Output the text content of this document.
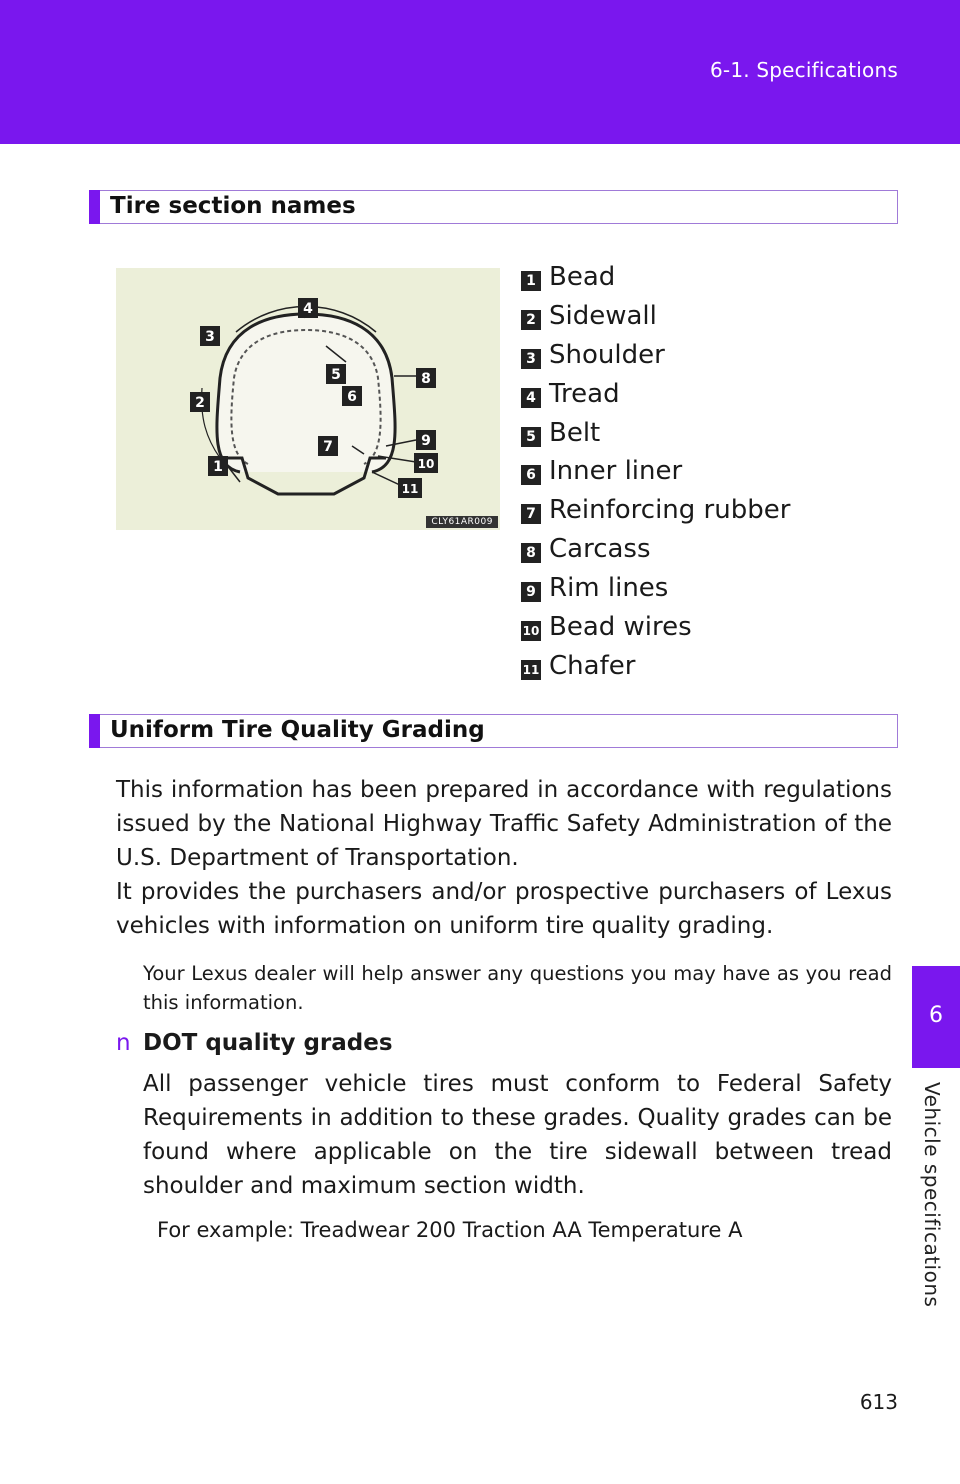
6-1. Specifications
6
Vehicle specifications
Tire section names
4
3
2
1
5
6
8
7	9
10
11
CLY61AR009
1 Bead
2 Sidewall
3 Shoulder
4 Tread
5 Belt
6 Inner liner
7 Reinforcing rubber
8 Carcass
9 Rim lines
10 Bead wires
11 Chafer
Uniform Tire Quality Grading

This information has been prepared in accordance with regulations issued by the National Highway Traffic Safety Administration of the U.S. Department of Transportation.

It provides the purchasers and/or prospective purchasers of Lexus vehicles with information on uniform tire quality grading.

Your Lexus dealer will help answer any questions you may have as you read this information.

n DOT quality grades

All passenger vehicle tires must conform to Federal Safety Requirements in addition to these grades. Quality grades can be found where applicable on the tire sidewall between tread shoulder and maximum section width.

For example: Treadwear 200 Traction AA Temperature A
613
